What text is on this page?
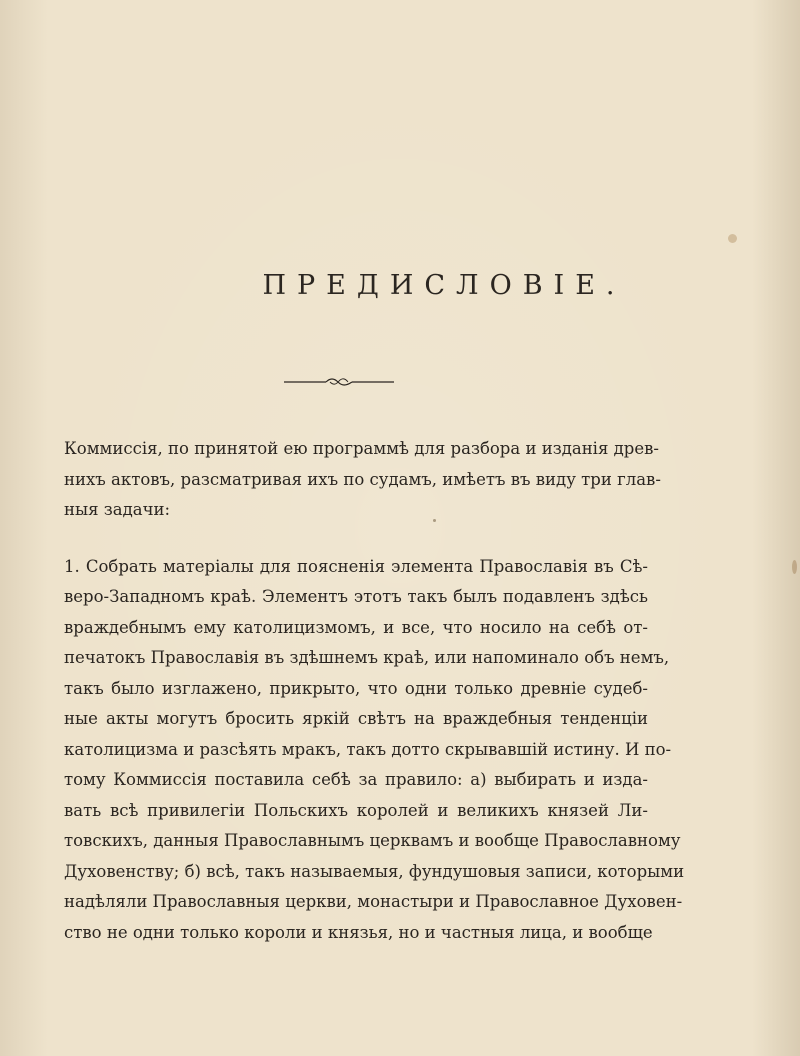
ПРЕДИСЛОВIЕ.
Коммиссiя, по принятой ею программѣ для разбора и изданiя древ-
нихъ актовъ, разсматривая ихъ по судамъ, имѣетъ въ виду три глав-
ныя задачи:
1. Собрать матерiалы для поясненiя элемента Православiя въ Сѣ-
веро-Западномъ краѣ. Элементъ этотъ такъ былъ подавленъ здѣсь
враждебнымъ ему католицизмомъ, и все, что носило на себѣ от-
печатокъ Православiя въ здѣшнемъ краѣ, или напоминало объ немъ,
такъ было изглажено, прикрыто, что одни только древнiе судеб-
ные акты могутъ бросить яркiй свѣтъ на враждебныя тенденцiи
католицизма и разсѣять мракъ, такъ дотто скрывавшiй истину. И по-
тому Коммиссiя поставила себѣ за правило: а) выбирать и изда-
вать всѣ привилегiи Польскихъ королей и великихъ князей Ли-
товскихъ, данныя Православнымъ церквамъ и вообще Православному
Духовенству; б) всѣ, такъ называемыя, фундушовыя записи, которыми
надѣляли Православныя церкви, монастыри и Православное Духовен-
ство не одни только короли и князья, но и частныя лица, и вообще
